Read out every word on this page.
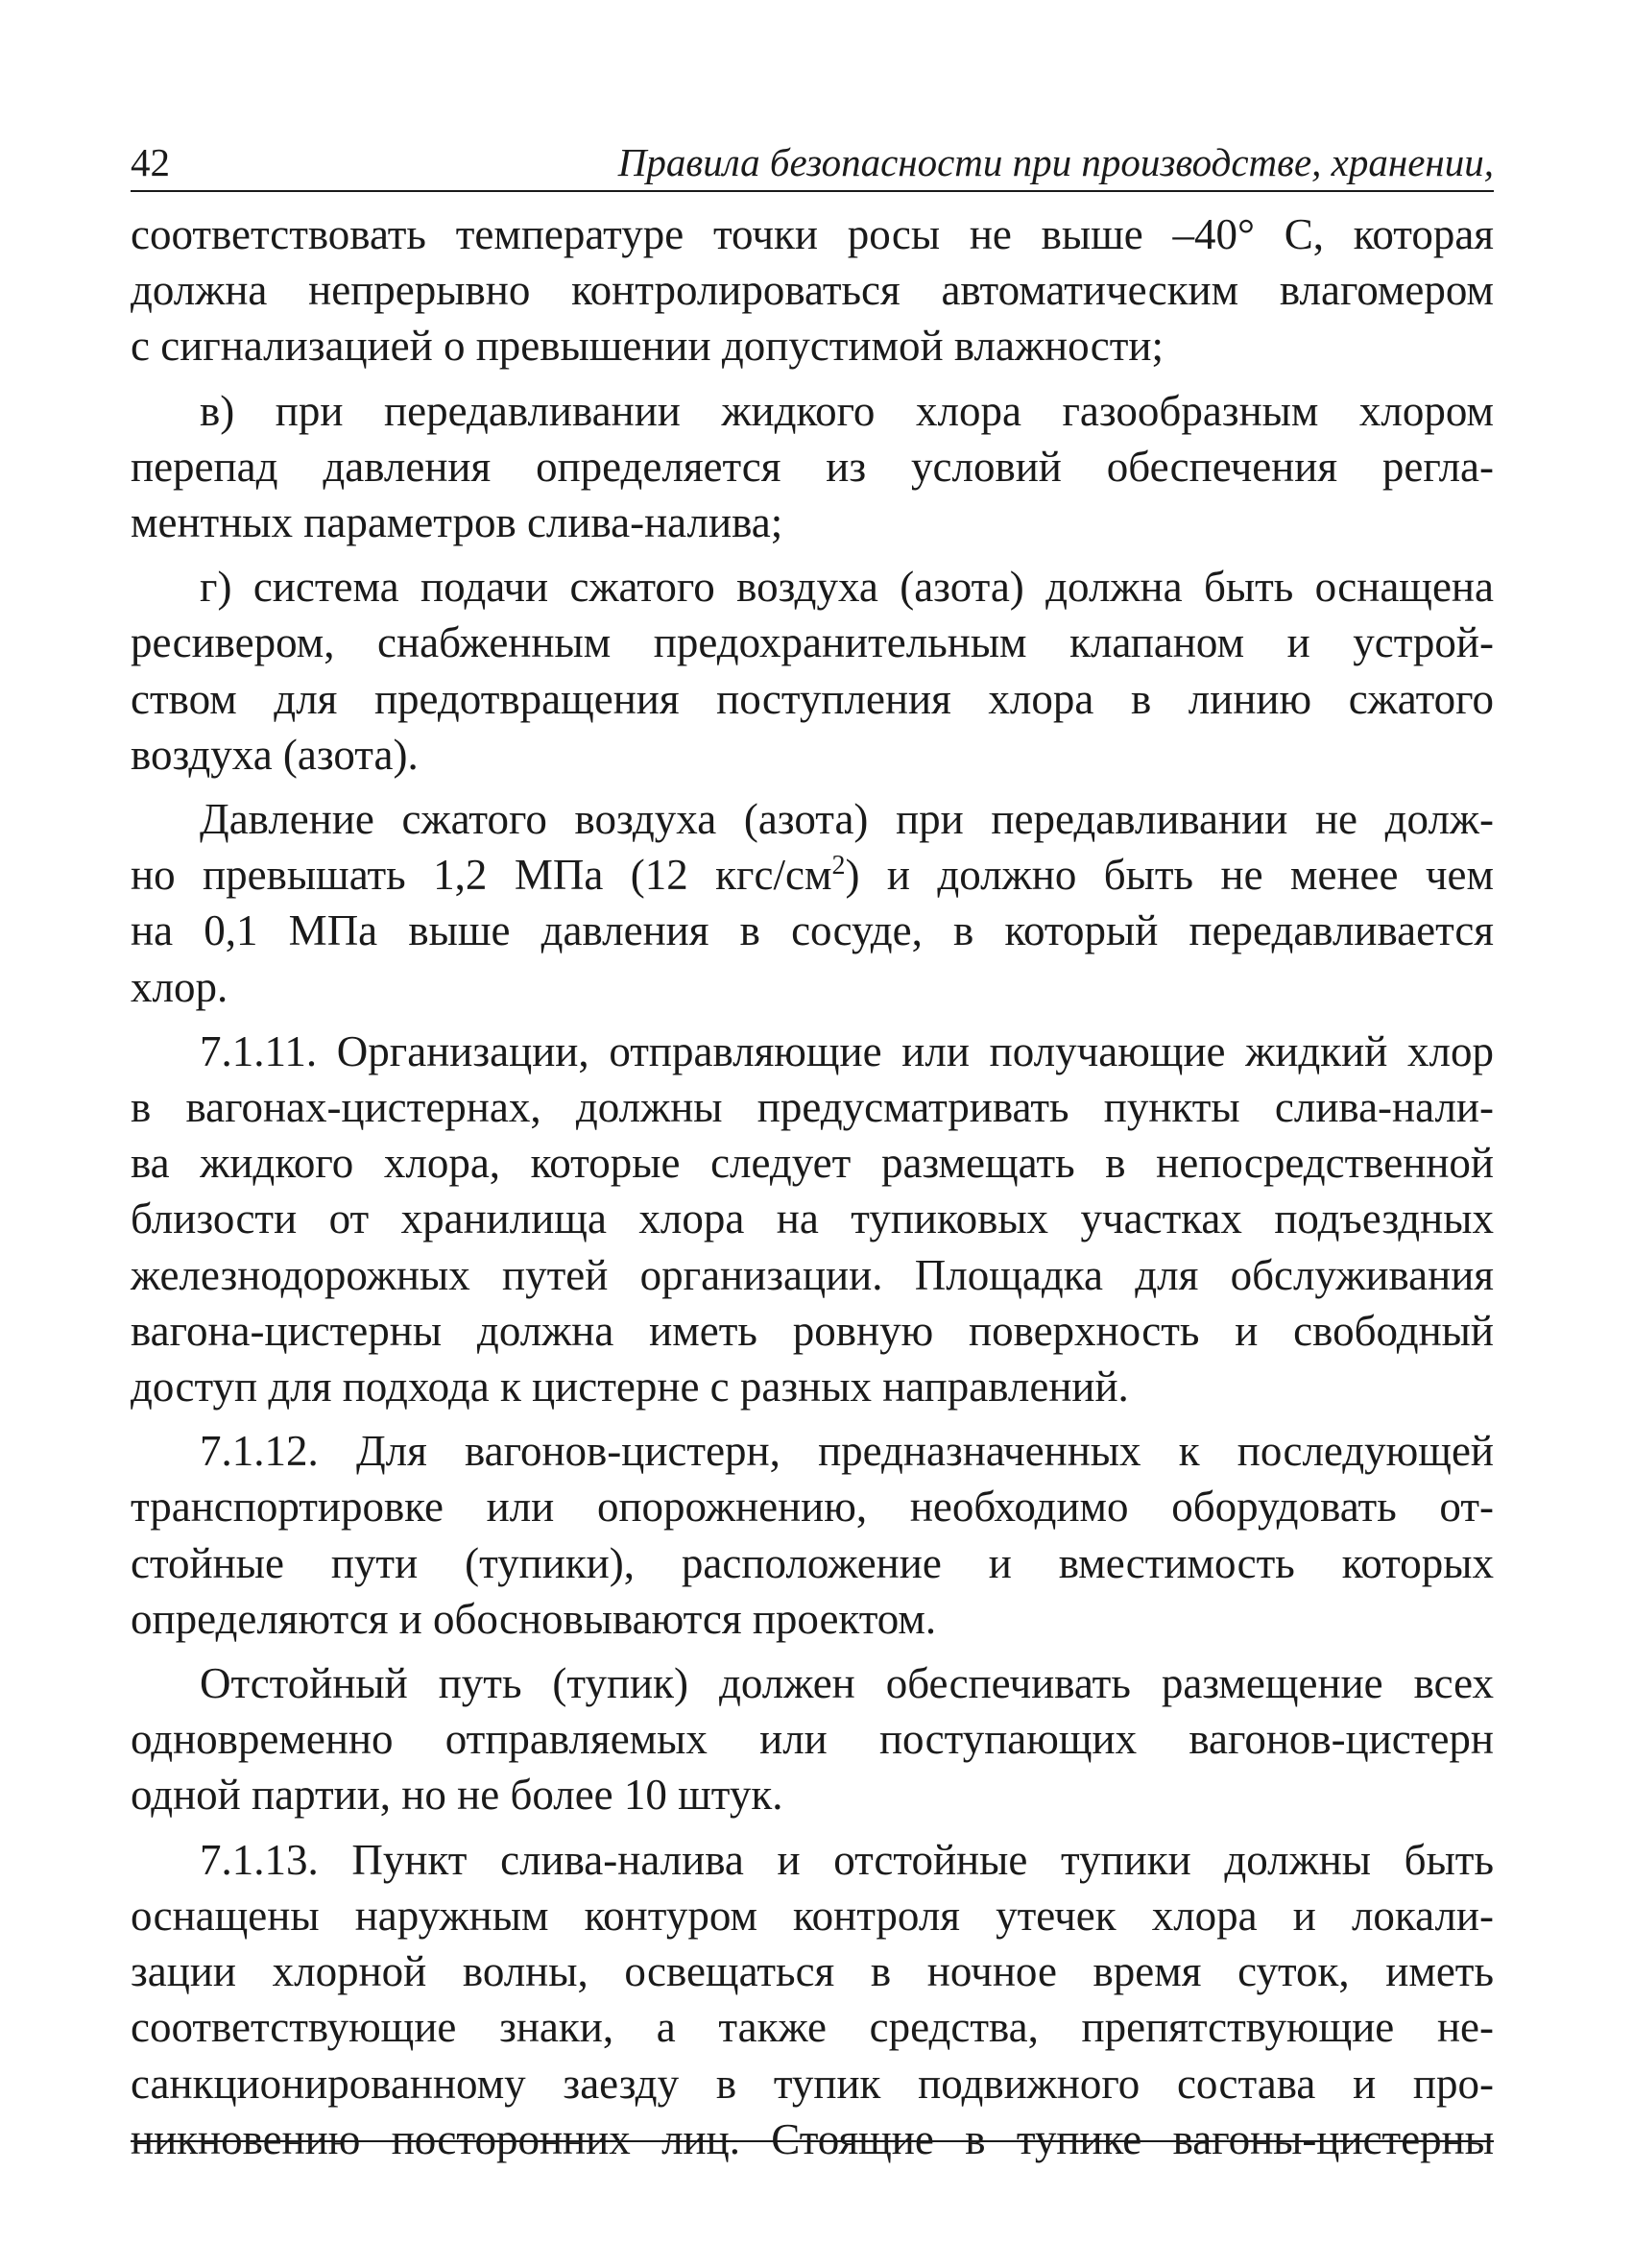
42	Правила безопасности при производстве, хранении,

соответствовать температуре точки росы не выше –40° С, которая
должна непрерывно контролироваться автоматическим влагомером
с сигнализацией о превышении допустимой влажности;

в) при передавливании жидкого хлора газообразным хлором
перепад давления определяется из условий обеспечения регла-
ментных параметров слива-налива;

г) система подачи сжатого воздуха (азота) должна быть оснащена
ресивером, снабженным предохранительным клапаном и устрой-
ством для предотвращения поступления хлора в линию сжатого
воздуха (азота).

Давление сжатого воздуха (азота) при передавливании не долж-
но превышать 1,2 МПа (12 кгс/$см^2$) и должно быть не менее чем
на 0,1 МПа выше давления в сосуде, в который передавливается
хлор.

7.1.11. Организации, отправляющие или получающие жидкий хлор
в вагонах-цистернах, должны предусматривать пункты слива-нали-
ва жидкого хлора, которые следует размещать в непосредственной
близости от хранилища хлора на тупиковых участках подъездных
железнодорожных путей организации. Площадка для обслуживания
вагона-цистерны должна иметь ровную поверхность и свободный
доступ для подхода к цистерне с разных направлений.

7.1.12. Для вагонов-цистерн, предназначенных к последующей
транспортировке или опорожнению, необходимо оборудовать от-
стойные пути (тупики), расположение и вместимость которых
определяются и обосновываются проектом.

Отстойный путь (тупик) должен обеспечивать размещение всех
одновременно отправляемых или поступающих вагонов-цистерн
одной партии, но не более 10 штук.

7.1.13. Пункт слива-налива и отстойные тупики должны быть
оснащены наружным контуром контроля утечек хлора и локали-
зации хлорной волны, освещаться в ночное время суток, иметь
соответствующие знаки, а также средства, препятствующие не-
санкционированному заезду в тупик подвижного состава и про-
никновению посторонних лиц. Стоящие в тупике вагоны-цистерны
